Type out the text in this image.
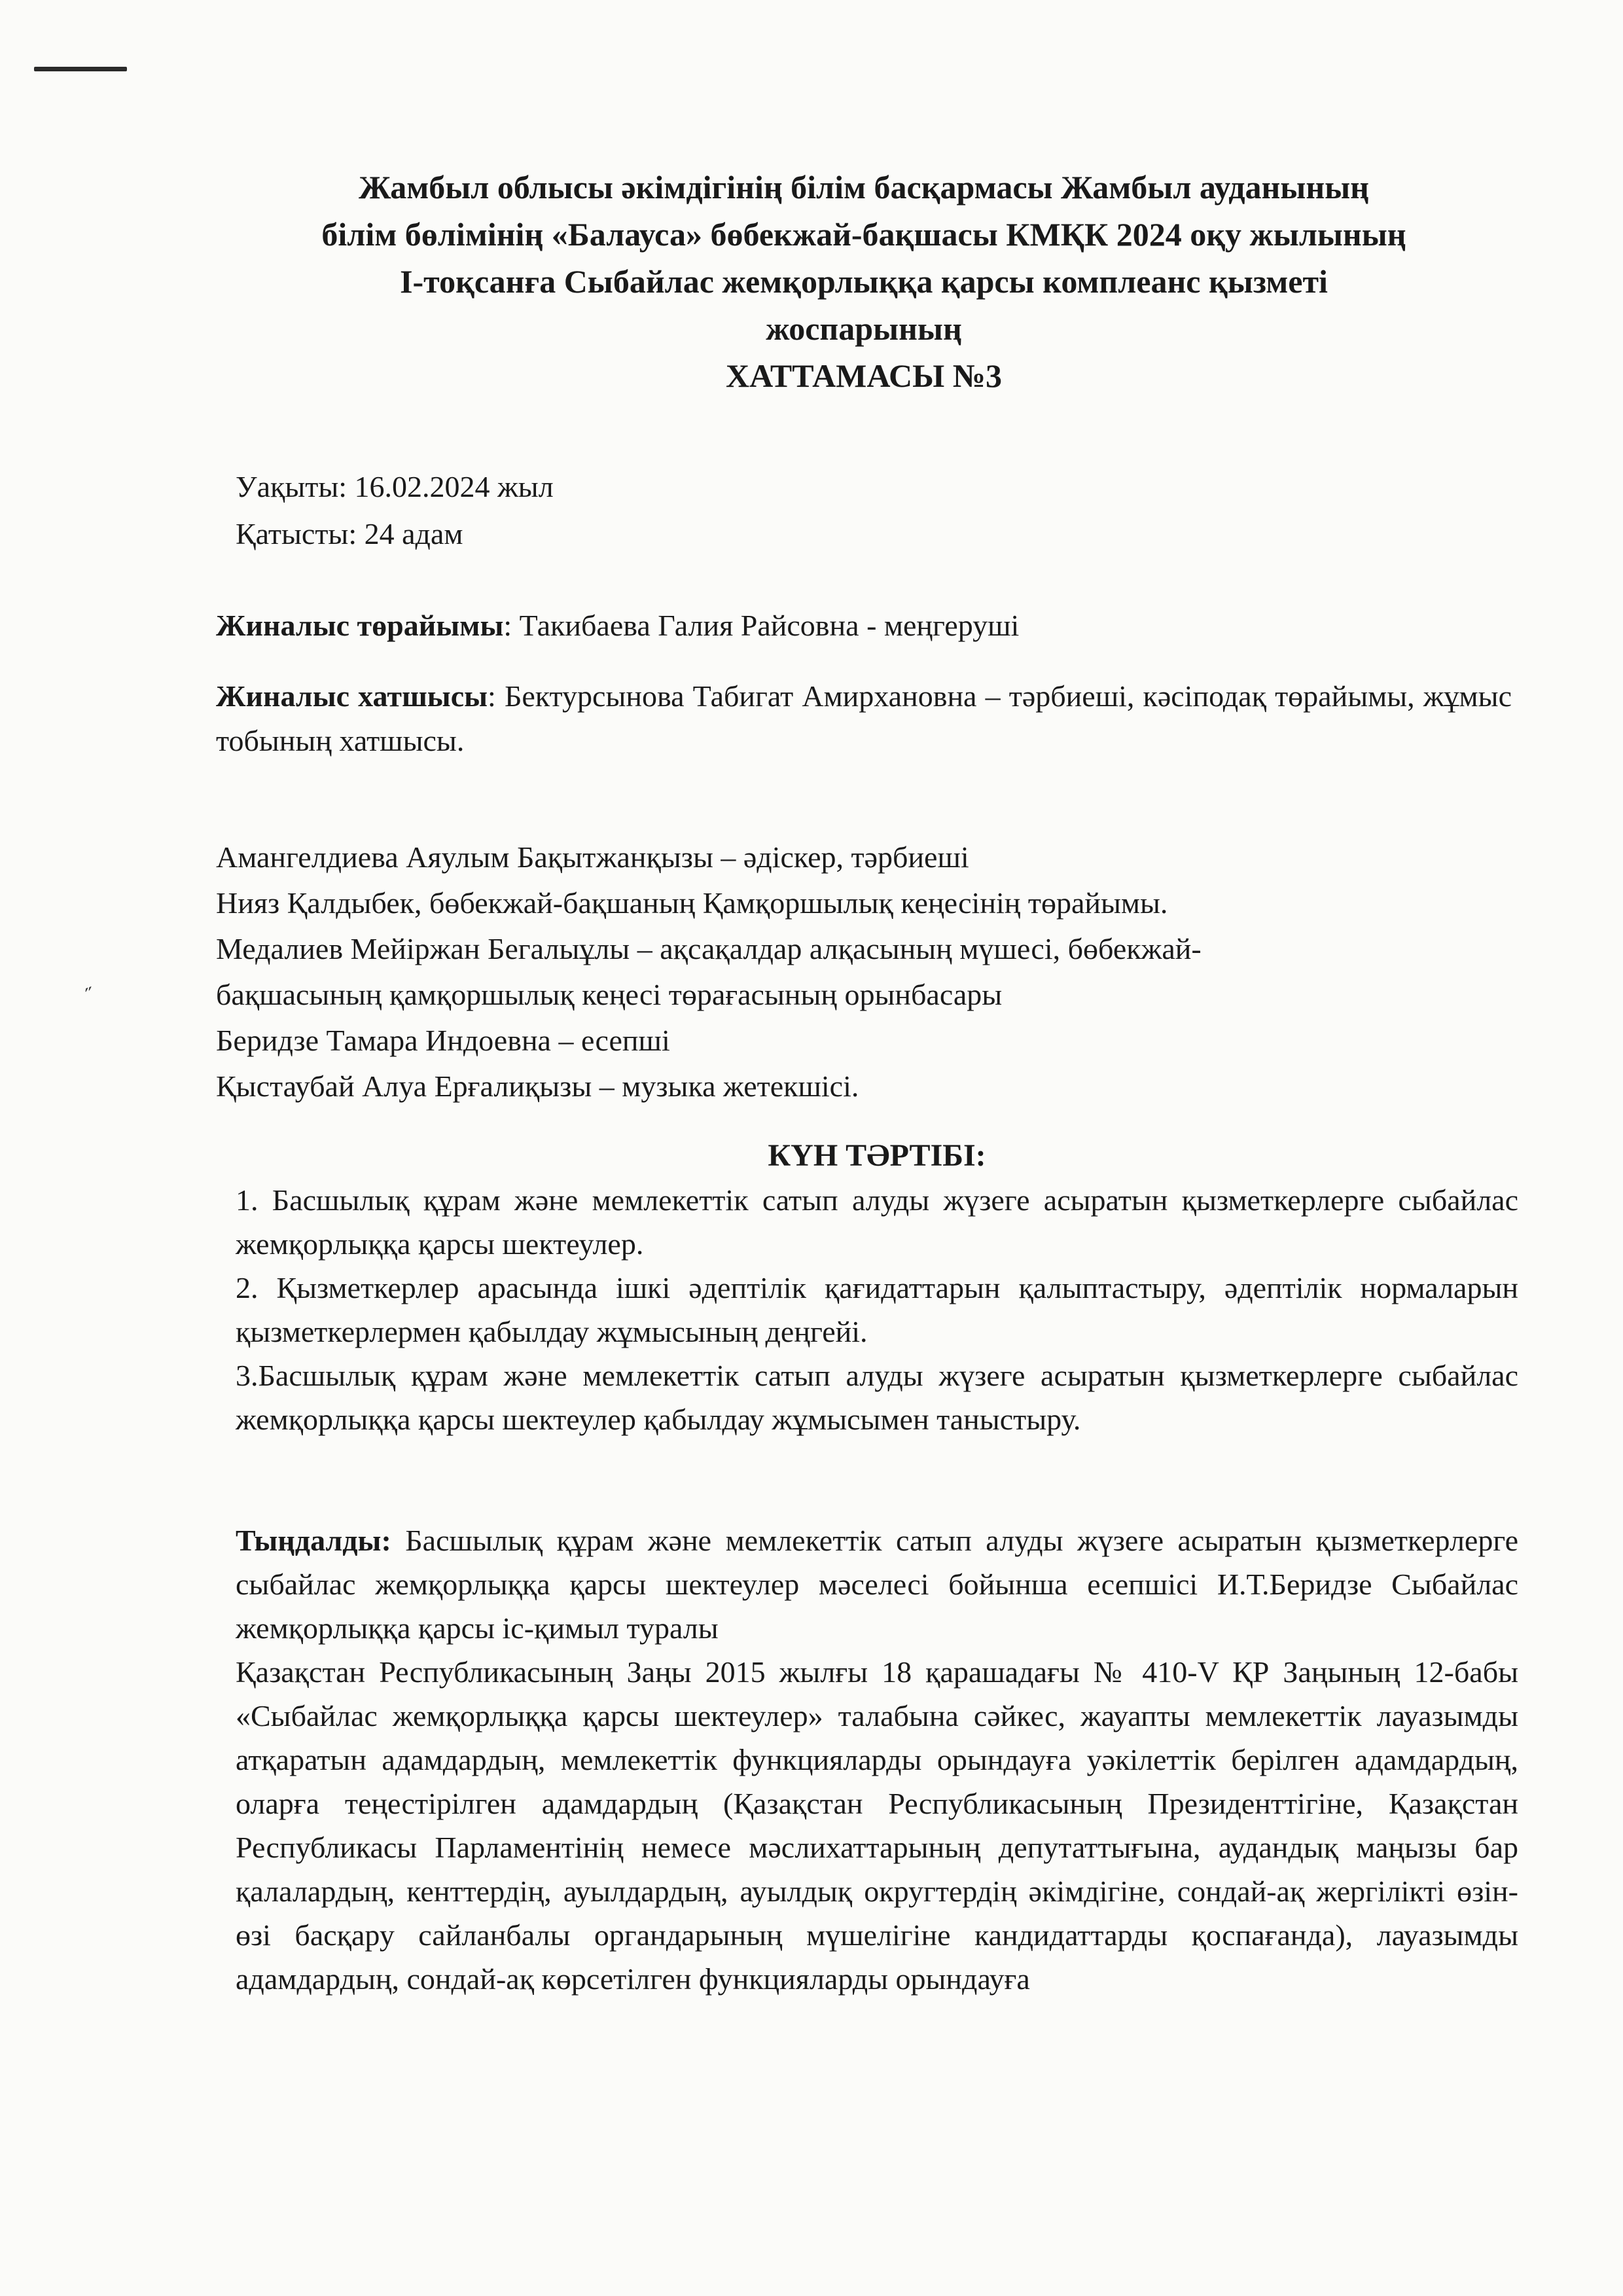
˶
Жамбыл облысы әкімдігінің білім басқармасы Жамбыл ауданының
білім бөлімінің «Балауса» бөбекжай-бақшасы КМҚК 2024 оқу жылының
І-тоқсанға Сыбайлас жемқорлыққа қарсы комплеанс қызметі
жоспарының
ХАТТАМАСЫ №3
Уақыты: 16.02.2024 жыл
Қатысты: 24 адам
Жиналыс төрайымы: Такибаева Галия Райсовна - меңгеруші
Жиналыс хатшысы: Бектурсынова Табигат Амирхановна – тәрбиеші, кәсіподақ төрайымы, жұмыс тобының хатшысы.
Амангелдиева Аяулым Бақытжанқызы – әдіскер, тәрбиеші
Нияз Қалдыбек, бөбекжай-бақшаның Қамқоршылық кеңесінің төрайымы.
Медалиев Мейіржан Бегалыұлы – ақсақалдар алқасының мүшесі, бөбекжай-
бақшасының қамқоршылық кеңесі төрағасының орынбасары
Беридзе Тамара Индоевна – есепші
Қыстаубай Алуа Ерғалиқызы – музыка жетекшісі.
КҮН ТӘРТІБІ:

1. Басшылық құрам және мемлекеттік сатып алуды жүзеге асыратын қызметкерлерге сыбайлас жемқорлыққа қарсы шектеулер.

2. Қызметкерлер арасында ішкі әдептілік қағидаттарын қалыптастыру, әдептілік нормаларын қызметкерлермен қабылдау жұмысының деңгейі.

3.Басшылық құрам және мемлекеттік сатып алуды жүзеге асыратын қызметкерлерге сыбайлас жемқорлыққа қарсы шектеулер қабылдау жұмысымен таныстыру.

Тыңдалды: Басшылық құрам және мемлекеттік сатып алуды жүзеге асыратын қызметкерлерге сыбайлас жемқорлыққа қарсы шектеулер мәселесі бойынша есепшісі И.Т.Беридзе Сыбайлас жемқорлыққа қарсы іс-қимыл туралы

Қазақстан Республикасының Заңы 2015 жылғы 18 қарашадағы № 410-V ҚР Заңының 12-бабы «Сыбайлас жемқорлыққа қарсы шектеулер» талабына сәйкес, жауапты мемлекеттік лауазымды атқаратын адамдардың, мемлекеттік функцияларды орындауға уәкілеттік берілген адамдардың, оларға теңестірілген адамдардың (Қазақстан Республикасының Президенттігіне, Қазақстан Республикасы Парламентінің немесе мәслихаттарының депутаттығына, аудандық маңызы бар қалалардың, кенттердің, ауылдардың, ауылдық округтердің әкімдігіне, сондай-ақ жергілікті өзін-өзі басқару сайланбалы органдарының мүшелігіне кандидаттарды қоспағанда), лауазымды адамдардың, сондай-ақ көрсетілген функцияларды орындауға
